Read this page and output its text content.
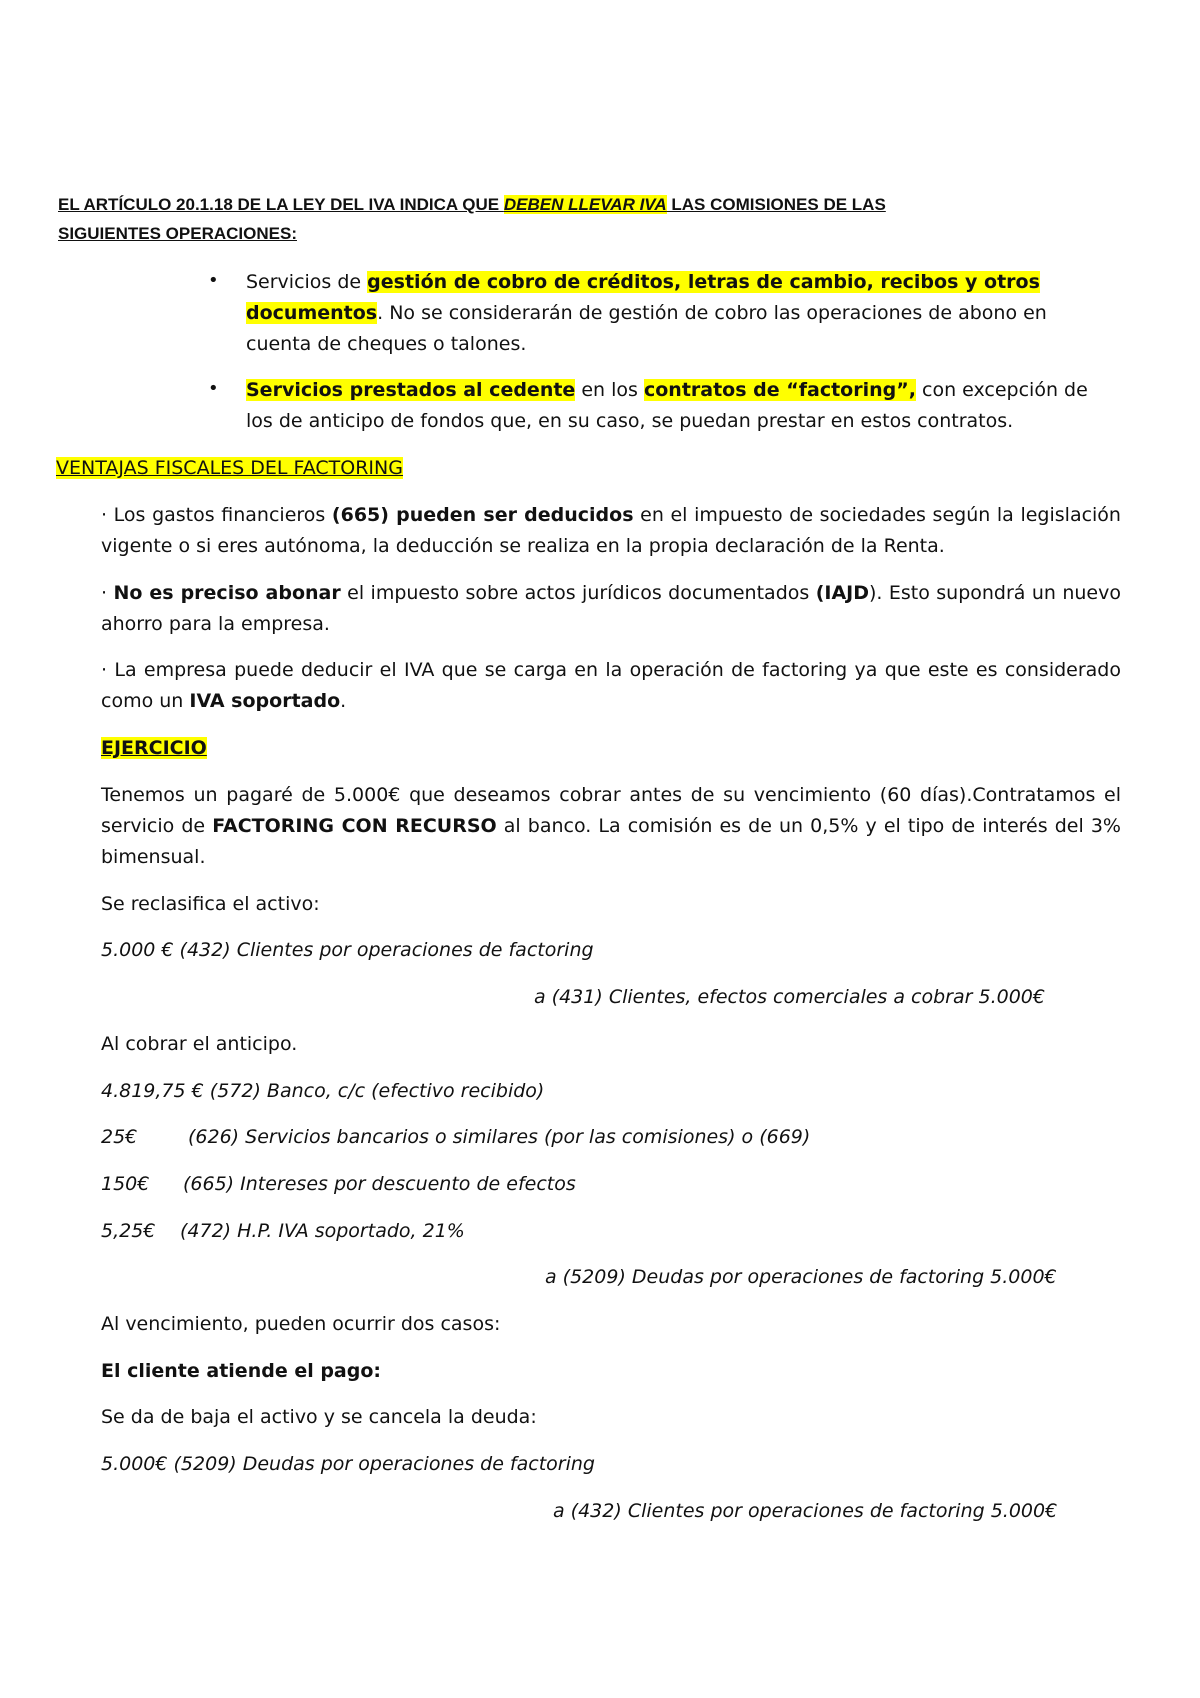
EL ARTÍCULO 20.1.18 DE LA LEY DEL IVA INDICA QUE DEBEN LLEVAR IVA LAS COMISIONES DE LAS
SIGUIENTES OPERACIONES:
• Servicios de gestión de cobro de créditos, letras de cambio, recibos y otros
documentos. No se considerarán de gestión de cobro las operaciones de abono en
cuenta de cheques o talones.
• Servicios prestados al cedente en los contratos de “factoring”, con excepción de
los de anticipo de fondos que, en su caso, se puedan prestar en estos contratos.
VENTAJAS FISCALES DEL FACTORING
· Los gastos financieros (665) pueden ser deducidos en el impuesto de sociedades según la legislación
vigente o si eres autónoma, la deducción se realiza en la propia declaración de la Renta.
· No es preciso abonar el impuesto sobre actos jurídicos documentados (IAJD). Esto supondrá un nuevo
ahorro para la empresa.
· La empresa puede deducir el IVA que se carga en la operación de factoring ya que este es considerado
como un IVA soportado.
EJERCICIO
Tenemos un pagaré de 5.000€ que deseamos cobrar antes de su vencimiento (60 días).Contratamos el
servicio de FACTORING CON RECURSO al banco. La comisión es de un 0,5% y el tipo de interés del 3%
bimensual.
Se reclasifica el activo:
5.000 € (432) Clientes por operaciones de factoring
a (431) Clientes, efectos comerciales a cobrar 5.000€
Al cobrar el anticipo.
4.819,75 € (572) Banco, c/c (efectivo recibido)
25€	(626) Servicios bancarios o similares (por las comisiones) o (669)
150€ (665) Intereses por descuento de efectos
5,25€ (472) H.P. IVA soportado, 21%
a (5209) Deudas por operaciones de factoring 5.000€
Al vencimiento, pueden ocurrir dos casos:
El cliente atiende el pago:
Se da de baja el activo y se cancela la deuda:
5.000€ (5209) Deudas por operaciones de factoring
a (432) Clientes por operaciones de factoring 5.000€
